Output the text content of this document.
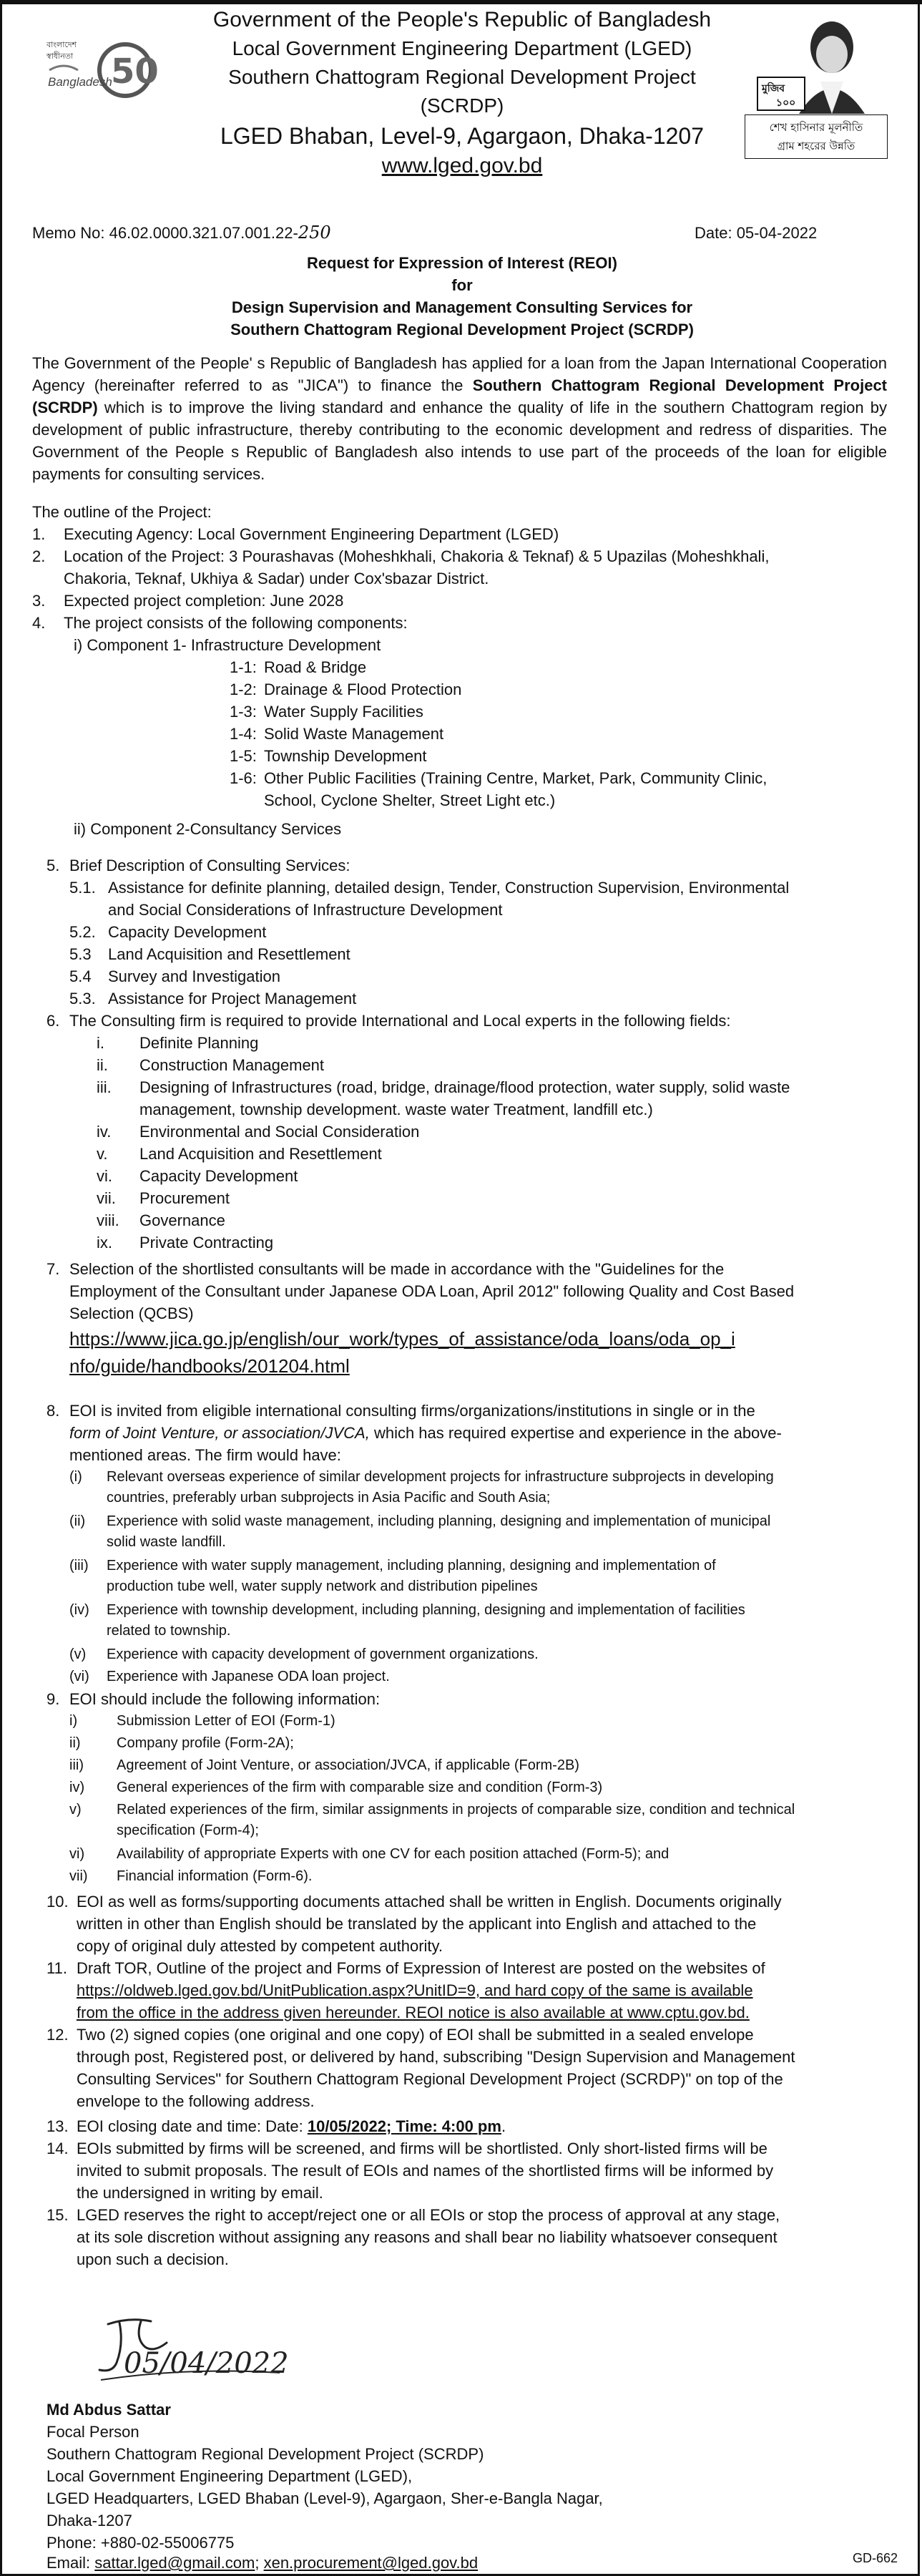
50
বাংলাদেশ
স্বাধীনতা
Bangladesh
Government of the People's Republic of Bangladesh
Local Government Engineering Department (LGED)
Southern Chattogram Regional Development Project (SCRDP)
LGED Bhaban, Level-9, Agargaon, Dhaka-1207
www.lged.gov.bd
মুজিব
১০০
শেখ হাসিনার মূলনীতি
গ্রাম শহরের উন্নতি
Memo No: 46.02.0000.321.07.001.22-250	Date: 05-04-2022
Request for Expression of Interest (REOI)
for
Design Supervision and Management Consulting Services for
Southern Chattogram Regional Development Project (SCRDP)
The Government of the People' s Republic of Bangladesh has applied for a loan from the Japan International Cooperation Agency (hereinafter referred to as "JICA") to finance the Southern Chattogram Regional Development Project (SCRDP) which is to improve the living standard and enhance the quality of life in the southern Chattogram region by development of public infrastructure, thereby contributing to the economic development and redress of disparities. The Government of the People s Republic of Bangladesh also intends to use part of the proceeds of the loan for eligible payments for consulting services.
The outline of the Project:
1. Executing Agency: Local Government Engineering Department (LGED)
2. Location of the Project: 3 Pourashavas (Moheshkhali, Chakoria & Teknaf) & 5 Upazilas (Moheshkhali,
Chakoria, Teknaf, Ukhiya & Sadar) under Cox'sbazar District.
3. Expected project completion: June 2028
4. The project consists of the following components:
i) Component 1- Infrastructure Development
1-1: Road & Bridge
1-2: Drainage & Flood Protection
1-3: Water Supply Facilities
1-4: Solid Waste Management
1-5: Township Development
1-6: Other Public Facilities (Training Centre, Market, Park, Community Clinic,
School, Cyclone Shelter, Street Light etc.)
ii) Component 2-Consultancy Services
5. Brief Description of Consulting Services:
5.1. Assistance for definite planning, detailed design, Tender, Construction Supervision, Environmental
and Social Considerations of Infrastructure Development
5.2. Capacity Development
5.3 Land Acquisition and Resettlement
5.4 Survey and Investigation
5.3. Assistance for Project Management
6. The Consulting firm is required to provide International and Local experts in the following fields:
i. Definite Planning
ii. Construction Management
iii. Designing of Infrastructures (road, bridge, drainage/flood protection, water supply, solid waste
management, township development. waste water Treatment, landfill etc.)
iv. Environmental and Social Consideration
v. Land Acquisition and Resettlement
vi. Capacity Development
vii. Procurement
viii. Governance
ix. Private Contracting
7. Selection of the shortlisted consultants will be made in accordance with the "Guidelines for the
Employment of the Consultant under Japanese ODA Loan, April 2012" following Quality and Cost Based
Selection (QCBS)
https://www.jica.go.jp/english/our_work/types_of_assistance/oda_loans/oda_op_i
nfo/guide/handbooks/201204.html
8. EOI is invited from eligible international consulting firms/organizations/institutions in single or in the
form of Joint Venture, or association/JVCA, which has required expertise and experience in the above-
mentioned areas. The firm would have:
(i) Relevant overseas experience of similar development projects for infrastructure subprojects in developing
countries, preferably urban subprojects in Asia Pacific and South Asia;
(ii) Experience with solid waste management, including planning, designing and implementation of municipal
solid waste landfill.
(iii) Experience with water supply management, including planning, designing and implementation of
production tube well, water supply network and distribution pipelines
(iv) Experience with township development, including planning, designing and implementation of facilities
related to township.
(v) Experience with capacity development of government organizations.
(vi) Experience with Japanese ODA loan project.
9. EOI should include the following information:
i)	Submission Letter of EOI (Form-1)
ii)	Company profile (Form-2A);
iii) Agreement of Joint Venture, or association/JVCA, if applicable (Form-2B)
iv) General experiences of the firm with comparable size and condition (Form-3)
v) Related experiences of the firm, similar assignments in projects of comparable size, condition and technical
specification (Form-4);
vi) Availability of appropriate Experts with one CV for each position attached (Form-5); and
vii) Financial information (Form-6).
10. EOI as well as forms/supporting documents attached shall be written in English. Documents originally
written in other than English should be translated by the applicant into English and attached to the
copy of original duly attested by competent authority.
11. Draft TOR, Outline of the project and Forms of Expression of Interest are posted on the websites of
https://oldweb.lged.gov.bd/UnitPublication.aspx?UnitID=9, and hard copy of the same is available
from the office in the address given hereunder. REOI notice is also available at www.cptu.gov.bd.
12. Two (2) signed copies (one original and one copy) of EOI shall be submitted in a sealed envelope
through post, Registered post, or delivered by hand, subscribing "Design Supervision and Management
Consulting Services" for Southern Chattogram Regional Development Project (SCRDP)" on top of the
envelope to the following address.
13. EOI closing date and time: Date: 10/05/2022; Time: 4:00 pm.
14. EOIs submitted by firms will be screened, and firms will be shortlisted. Only short-listed firms will be
invited to submit proposals. The result of EOIs and names of the shortlisted firms will be informed by
the undersigned in writing by email.
15. LGED reserves the right to accept/reject one or all EOIs or stop the process of approval at any stage,
at its sole discretion without assigning any reasons and shall bear no liability whatsoever consequent
upon such a decision.
05/04/2022
Md Abdus Sattar
Focal Person
Southern Chattogram Regional Development Project (SCRDP)
Local Government Engineering Department (LGED),
LGED Headquarters, LGED Bhaban (Level-9), Agargaon, Sher-e-Bangla Nagar,
Dhaka-1207
Phone: +880-02-55006775
Email: sattar.lged@gmail.com; xen.procurement@lged.gov.bd	GD-662
